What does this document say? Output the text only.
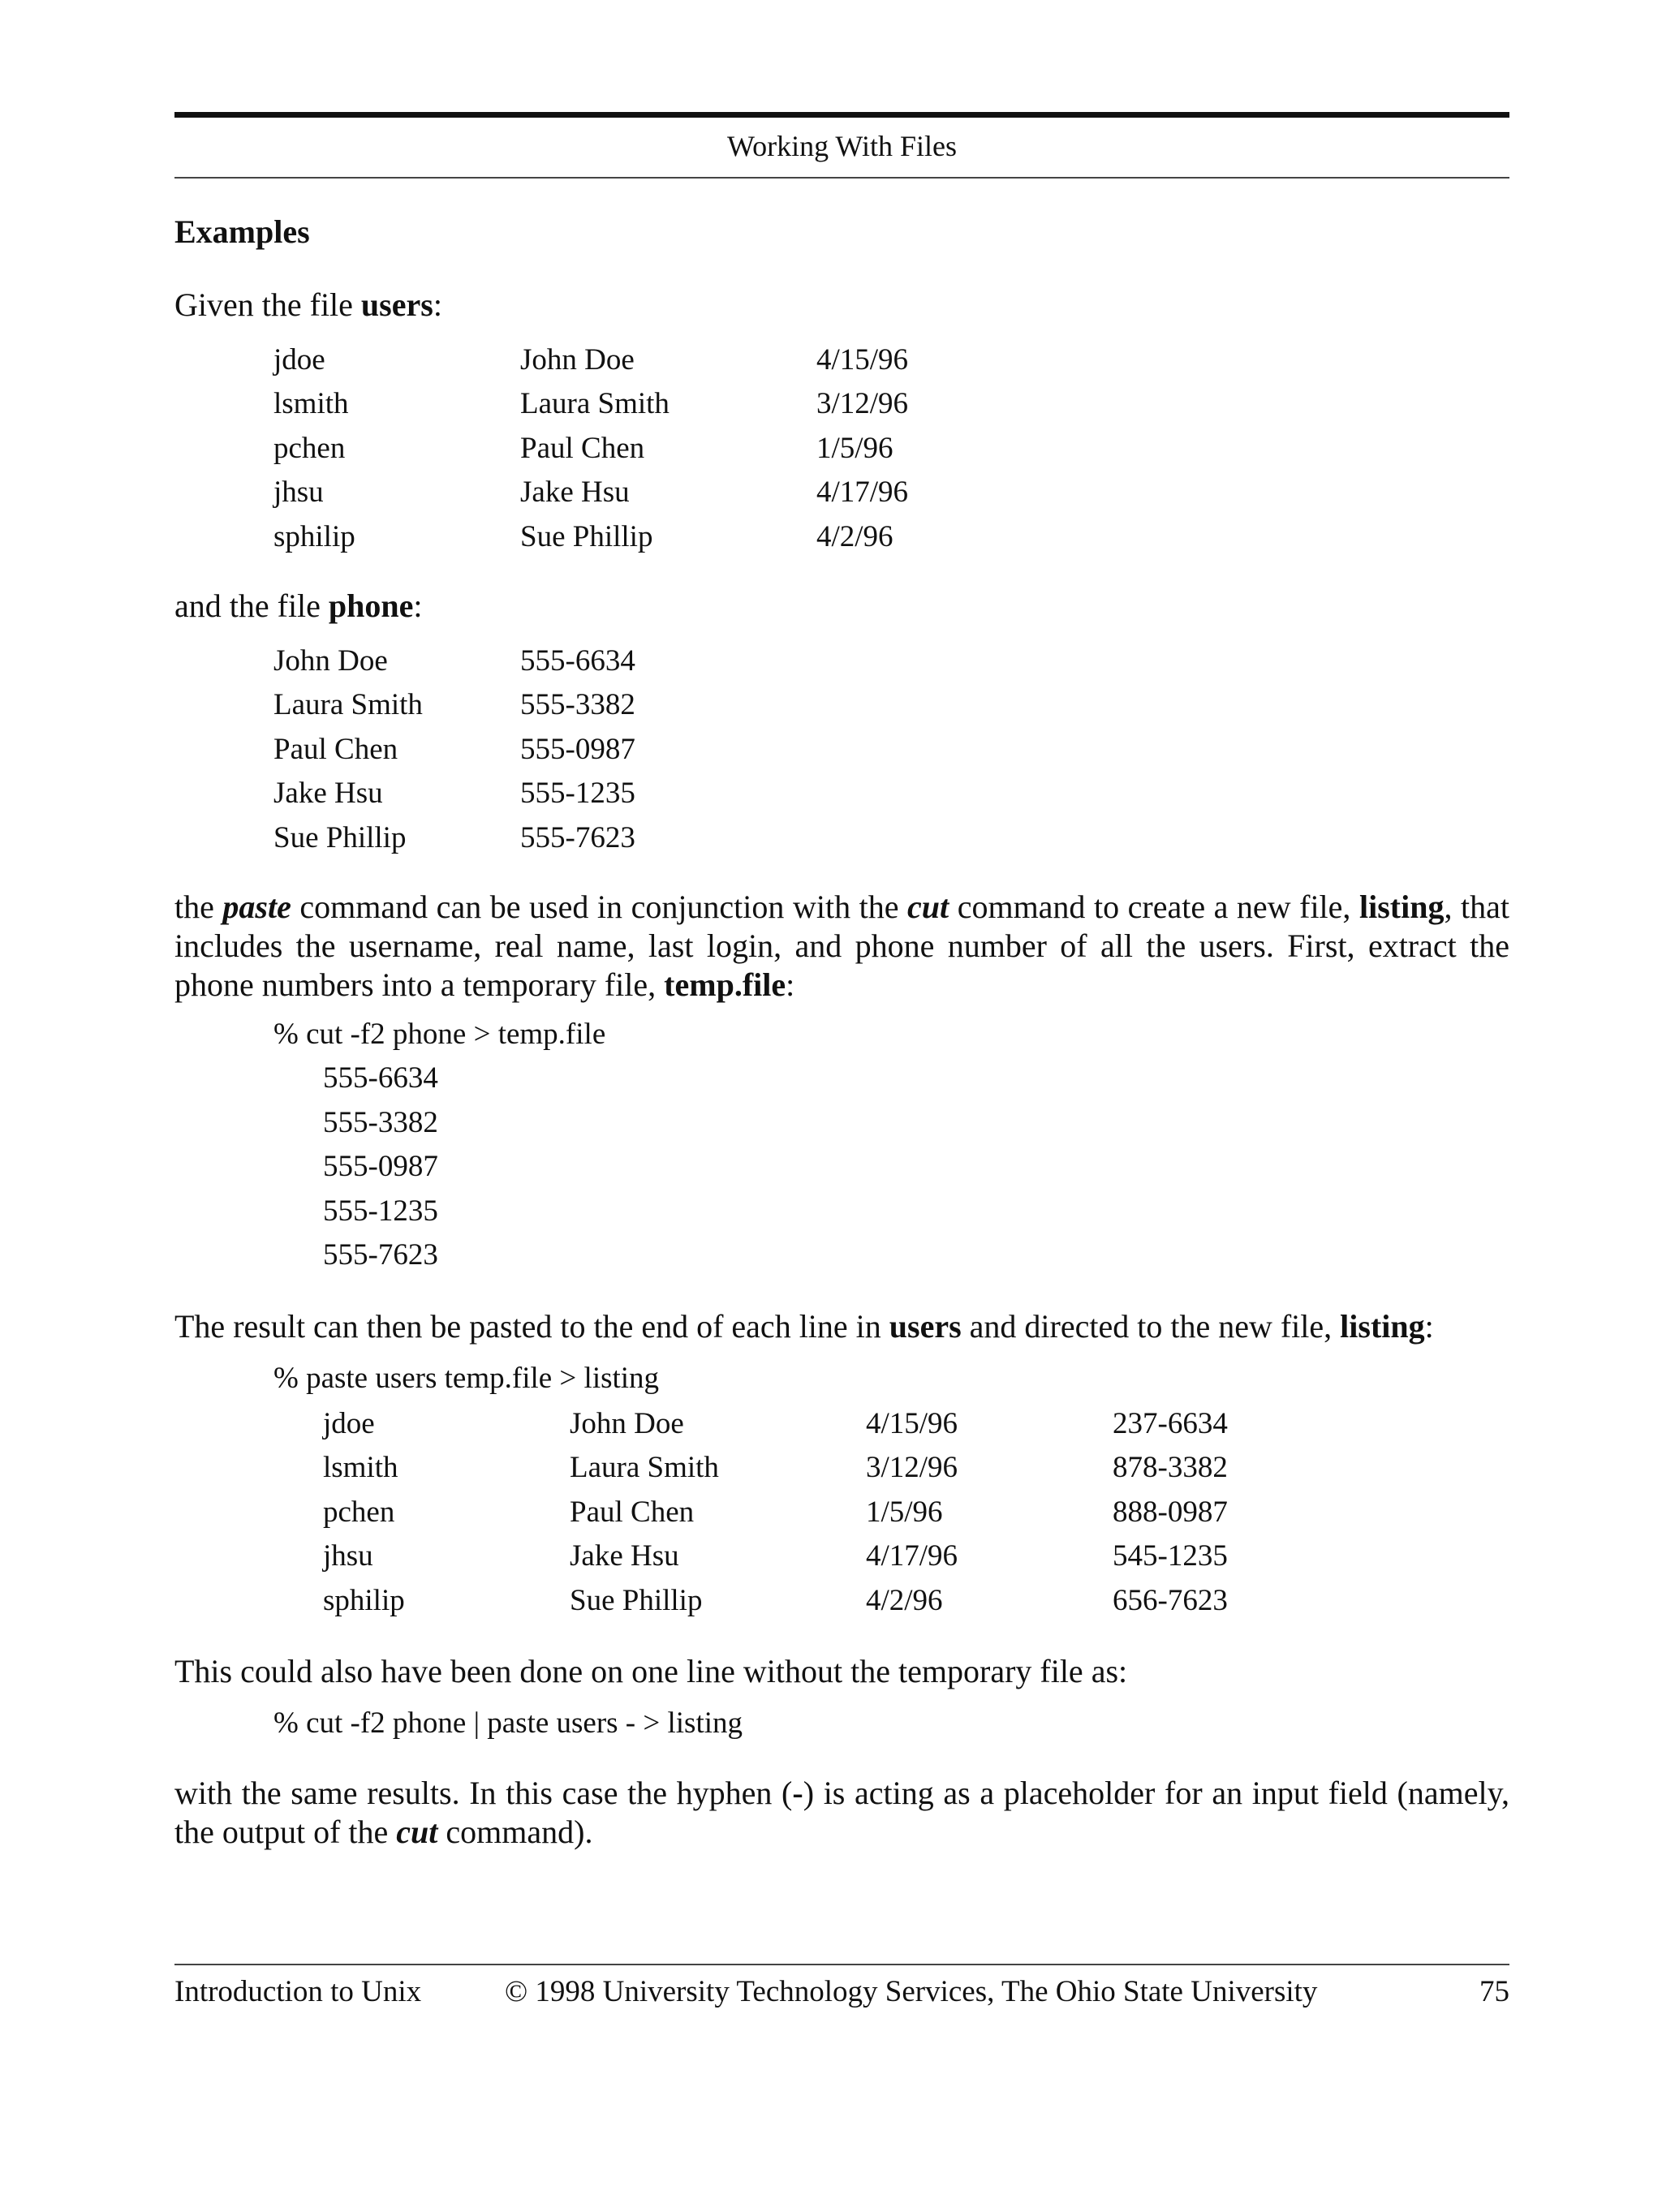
Working With Files
Examples
Given the file users:
jdoe	John Doe	4/15/96
lsmith	Laura Smith	3/12/96
pchen	Paul Chen	1/5/96
jhsu	Jake Hsu	4/17/96
sphilip	Sue Phillip	4/2/96
and the file phone:
John Doe	555-6634
Laura Smith	555-3382
Paul Chen	555-0987
Jake Hsu	555-1235
Sue Phillip	555-7623
the paste command can be used in conjunction with the cut command to create a new file, listing, that includes the username, real name, last login, and phone number of all the users. First, extract the phone numbers into a temporary file, temp.file:
% cut -f2 phone > temp.file
555-6634
555-3382
555-0987
555-1235
555-7623
The result can then be pasted to the end of each line in users and directed to the new file, listing:
% paste users temp.file > listing
jdoe	John Doe	4/15/96	237-6634
lsmith	Laura Smith	3/12/96	878-3382
pchen	Paul Chen	1/5/96	888-0987
jhsu	Jake Hsu	4/17/96	545-1235
sphilip	Sue Phillip	4/2/96	656-7623
This could also have been done on one line without the temporary file as:
% cut -f2 phone | paste users - > listing
with the same results. In this case the hyphen (-) is acting as a placeholder for an input field (namely, the output of the cut command).
Introduction to Unix	© 1998 University Technology Services, The Ohio State University	75
